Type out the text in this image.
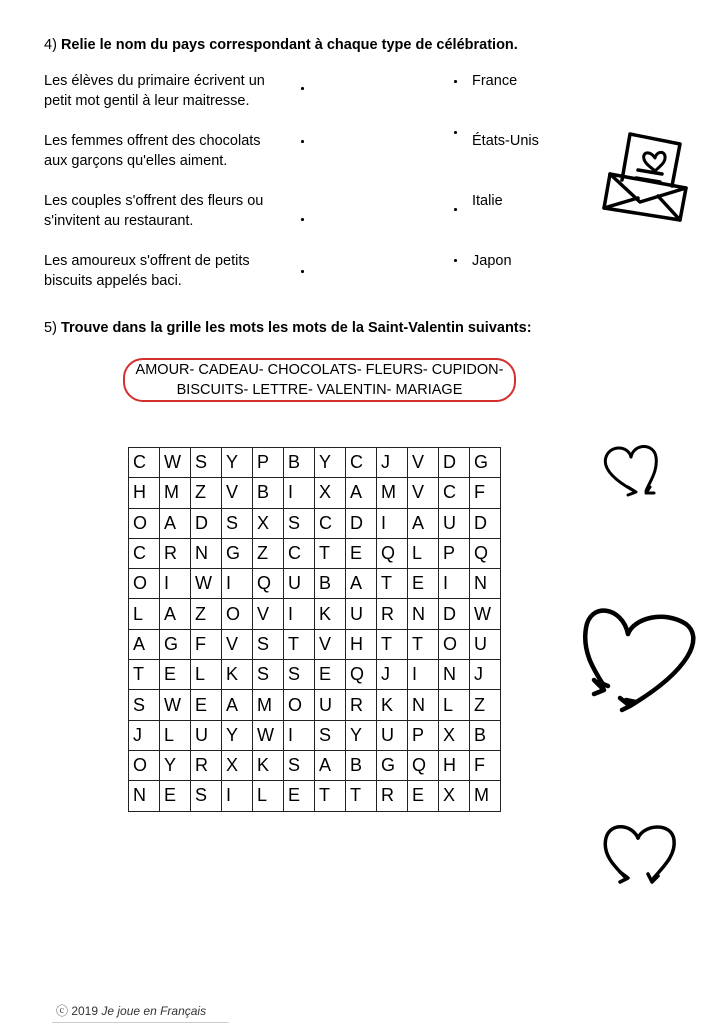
4) Relie le nom du pays correspondant à chaque type de célébration.
Les élèves du primaire écrivent un
petit mot gentil à leur maitresse.
Les femmes offrent des chocolats
aux garçons qu'elles aiment.
Les couples s'offrent des fleurs ou
s'invitent au restaurant.
Les amoureux s'offrent de petits
biscuits appelés baci.
France
États-Unis
Italie
Japon
5) Trouve dans la grille les mots les mots de la Saint-Valentin suivants:
AMOUR- CADEAU- CHOCOLATS- FLEURS- CUPIDON-
BISCUITS- LETTRE- VALENTIN- MARIAGE
C	W	S	Y	P	B	Y	C	J	V	D	G
H	M	Z	V	B	I	X	A	M	V	C	F
O	A	D	S	X	S	C	D	I	A	U	D
C	R	N	G	Z	C	T	E	Q	L	P	Q
O	I	W	I	Q	U	B	A	T	E	I	N
L	A	Z	O	V	I	K	U	R	N	D	W
A	G	F	V	S	T	V	H	T	T	O	U
T	E	L	K	S	S	E	Q	J	I	N	J
S	W	E	A	M	O	U	R	K	N	L	Z
J	L	U	Y	W	I	S	Y	U	P	X	B
O	Y	R	X	K	S	A	B	G	Q	H	F
N	E	S	I	L	E	T	T	R	E	X	M
ⓒ 2019 Je joue en Français
